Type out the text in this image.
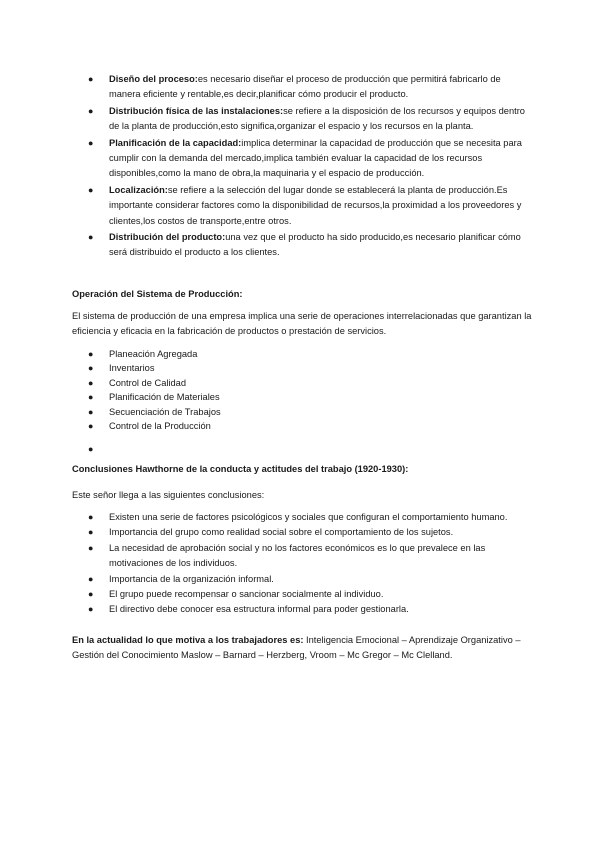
● Diseño del proceso:es necesario diseñar el proceso de producción que permitirá fabricarlo de manera eficiente y rentable,es decir,planificar cómo producir el producto.
● Distribución física de las instalaciones:se refiere a la disposición de los recursos y equipos dentro de la planta de producción,esto significa,organizar el espacio y los recursos en la planta.
● Planificación de la capacidad:implica determinar la capacidad de producción que se necesita para cumplir con la demanda del mercado,implica también evaluar la capacidad de los recursos disponibles,como la mano de obra,la maquinaria y el espacio de producción.
● Localización:se refiere a la selección del lugar donde se establecerá la planta de producción.Es importante considerar factores como la disponibilidad de recursos,la proximidad a los proveedores y clientes,los costos de transporte,entre otros.
● Distribución del producto:una vez que el producto ha sido producido,es necesario planificar cómo será distribuido el producto a los clientes.

Operación del Sistema de Producción:

El sistema de producción de una empresa implica una serie de operaciones interrelacionadas que garantizan la eficiencia y eficacia en la fabricación de productos o prestación de servicios.

● Planeación Agregada
● Inventarios
● Control de Calidad
● Planificación de Materiales
● Secuenciación de Trabajos
● Control de la Producción
●

Conclusiones Hawthorne de la conducta y actitudes del trabajo (1920-1930):

Este señor llega a las siguientes conclusiones:

● Existen una serie de factores psicológicos y sociales que configuran el comportamiento humano.
● Importancia del grupo como realidad social sobre el comportamiento de los sujetos.
● La necesidad de aprobación social y no los factores económicos es lo que prevalece en las motivaciones de los individuos.
● Importancia de la organización informal.
● El grupo puede recompensar o sancionar socialmente al individuo.
● El directivo debe conocer esa estructura informal para poder gestionarla.

En la actualidad lo que motiva a los trabajadores es: Inteligencia Emocional – Aprendizaje Organizativo – Gestión del Conocimiento Maslow – Barnard – Herzberg, Vroom – Mc Gregor – Mc Clelland.
